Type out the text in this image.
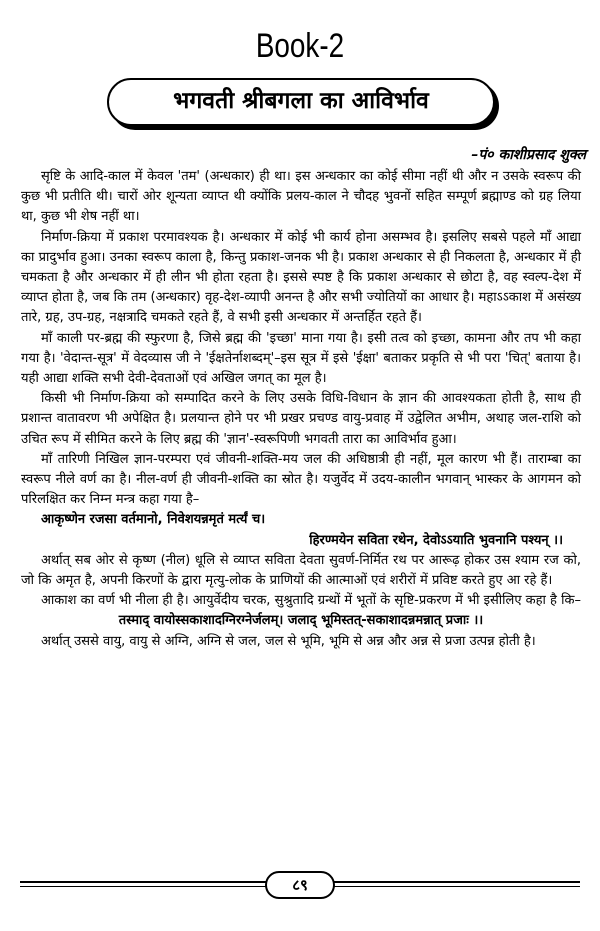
Book-2
भगवती श्रीबगला का आविर्भाव
–पं० काशीप्रसाद शुक्ल

सृष्टि के आदि-काल में केवल 'तम' (अन्धकार) ही था। इस अन्धकार का कोई सीमा नहीं थी और न उसके स्वरूप की कुछ भी प्रतीति थी। चारों ओर शून्यता व्याप्त थी क्योंकि प्रलय-काल ने चौदह भुवनों सहित सम्पूर्ण ब्रह्माण्ड को ग्रह लिया था, कुछ भी शेष नहीं था।

निर्माण-क्रिया में प्रकाश परमावश्यक है। अन्धकार में कोई भी कार्य होना असम्भव है। इसलिए सबसे पहले माँ आद्या का प्रादुर्भाव हुआ। उनका स्वरूप काला है, किन्तु प्रकाश-जनक भी है। प्रकाश अन्धकार से ही निकलता है, अन्धकार में ही चमकता है और अन्धकार में ही लीन भी होता रहता है। इससे स्पष्ट है कि प्रकाश अन्धकार से छोटा है, वह स्वल्प-देश में व्याप्त होता है, जब कि तम (अन्धकार) वृह-देश-व्यापी अनन्त है और सभी ज्योतियों का आधार है। महाऽऽकाश में असंख्य तारे, ग्रह, उप-ग्रह, नक्षत्रादि चमकते रहते हैं, वे सभी इसी अन्धकार में अन्तर्हित रहते हैं।

माँ काली पर-ब्रह्म की स्फुरणा है, जिसे ब्रह्म की 'इच्छा' माना गया है। इसी तत्व को इच्छा, कामना और तप भी कहा गया है। 'वेदान्त-सूत्र' में वेदव्यास जी ने 'ईक्षतेर्नाशब्दम्'–इस सूत्र में इसे 'ईक्षा' बताकर प्रकृति से भी परा 'चित्' बताया है। यही आद्या शक्ति सभी देवी-देवताओं एवं अखिल जगत् का मूल है।

किसी भी निर्माण-क्रिया को सम्पादित करने के लिए उसके विधि-विधान के ज्ञान की आवश्यकता होती है, साथ ही प्रशान्त वातावरण भी अपेक्षित है। प्रलयान्त होने पर भी प्रखर प्रचण्ड वायु-प्रवाह में उद्वेलित अभीम, अथाह जल-राशि को उचित रूप में सीमित करने के लिए ब्रह्म की 'ज्ञान'-स्वरूपिणी भगवती तारा का आविर्भाव हुआ।

माँ तारिणी निखिल ज्ञान-परम्परा एवं जीवनी-शक्ति-मय जल की अधिष्ठात्री ही नहीं, मूल कारण भी हैं। ताराम्बा का स्वरूप नीले वर्ण का है। नील-वर्ण ही जीवनी-शक्ति का स्रोत है। यजुर्वेद में उदय-कालीन भगवान् भास्कर के आगमन को परिलक्षित कर निम्न मन्त्र कहा गया है–

आकृष्णेन रजसा वर्तमानो, निवेशयन्नमृतं मर्त्यं च।

हिरण्मयेन सविता रथेन, देवोऽऽयाति भुवनानि पश्यन् ।।

अर्थात् सब ओर से कृष्ण (नील) धूलि से व्याप्त सविता देवता सुवर्ण-निर्मित रथ पर आरूढ़ होकर उस श्याम रज को, जो कि अमृत है, अपनी किरणों के द्वारा मृत्यु-लोक के प्राणियों की आत्माओं एवं शरीरों में प्रविष्ट करते हुए आ रहे हैं।

आकाश का वर्ण भी नीला ही है। आयुर्वेदीय चरक, सुश्रुतादि ग्रन्थों में भूतों के सृष्टि-प्रकरण में भी इसीलिए कहा है कि–

तस्माद् वायोस्सकाशादग्निरग्नेर्जलम्। जलाद् भूमिस्तत्-सकाशादन्नमन्नात् प्रजाः ।।

अर्थात् उससे वायु, वायु से अग्नि, अग्नि से जल, जल से भूमि, भूमि से अन्न और अन्न से प्रजा उत्पन्न होती है।

८९
